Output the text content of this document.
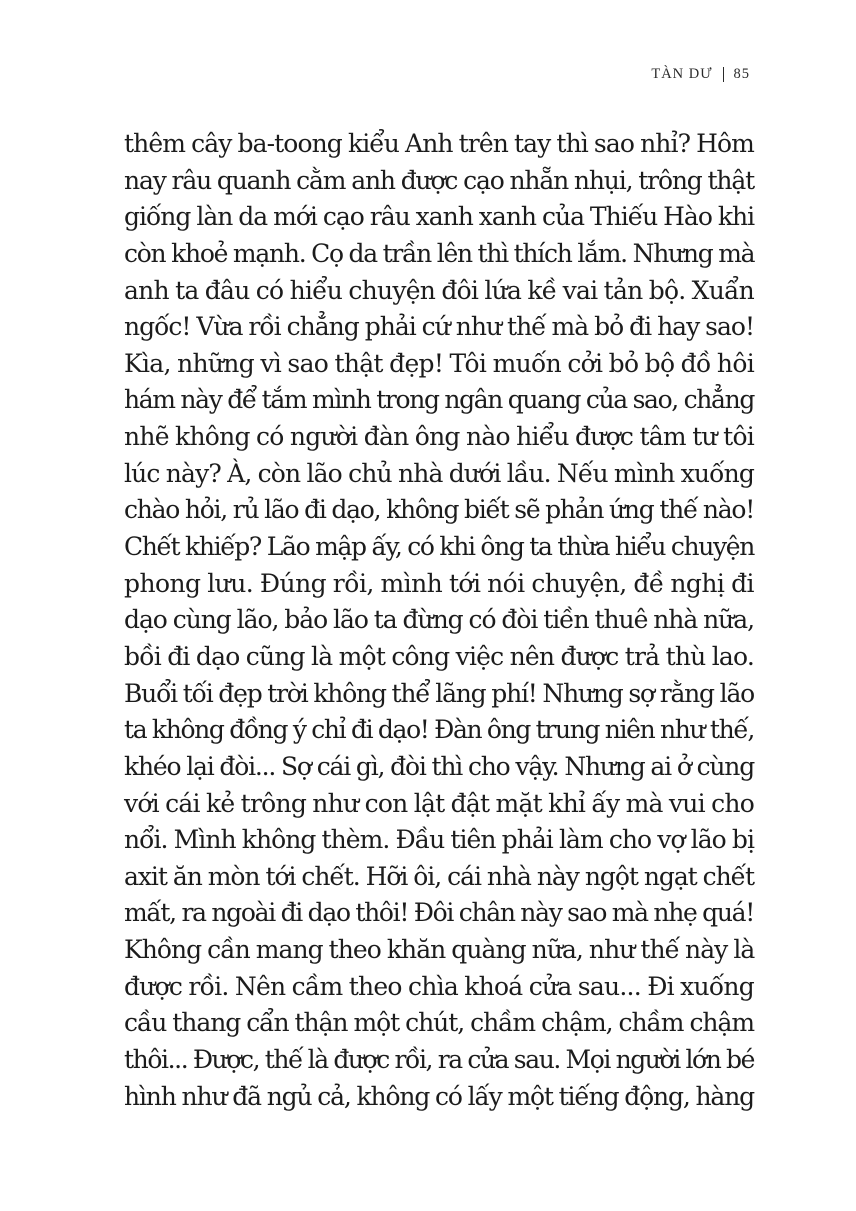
TÀN DƯ 85
thêm cây ba-toong kiểu Anh trên tay thì sao nhỉ? Hôm
nay râu quanh cằm anh được cạo nhẵn nhụi, trông thật
giống làn da mới cạo râu xanh xanh của Thiếu Hào khi
còn khoẻ mạnh. Cọ da trần lên thì thích lắm. Nhưng mà
anh ta đâu có hiểu chuyện đôi lứa kề vai tản bộ. Xuẩn
ngốc! Vừa rồi chẳng phải cứ như thế mà bỏ đi hay sao!
Kìa, những vì sao thật đẹp! Tôi muốn cởi bỏ bộ đồ hôi
hám này để tắm mình trong ngân quang của sao, chẳng
nhẽ không có người đàn ông nào hiểu được tâm tư tôi
lúc này? À, còn lão chủ nhà dưới lầu. Nếu mình xuống
chào hỏi, rủ lão đi dạo, không biết sẽ phản ứng thế nào!
Chết khiếp? Lão mập ấy, có khi ông ta thừa hiểu chuyện
phong lưu. Đúng rồi, mình tới nói chuyện, đề nghị đi
dạo cùng lão, bảo lão ta đừng có đòi tiền thuê nhà nữa,
bồi đi dạo cũng là một công việc nên được trả thù lao.
Buổi tối đẹp trời không thể lãng phí! Nhưng sợ rằng lão
ta không đồng ý chỉ đi dạo! Đàn ông trung niên như thế,
khéo lại đòi... Sợ cái gì, đòi thì cho vậy. Nhưng ai ở cùng
với cái kẻ trông như con lật đật mặt khỉ ấy mà vui cho
nổi. Mình không thèm. Đầu tiên phải làm cho vợ lão bị
axit ăn mòn tới chết. Hỡi ôi, cái nhà này ngột ngạt chết
mất, ra ngoài đi dạo thôi! Đôi chân này sao mà nhẹ quá!
Không cần mang theo khăn quàng nữa, như thế này là
được rồi. Nên cầm theo chìa khoá cửa sau... Đi xuống
cầu thang cẩn thận một chút, chầm chậm, chầm chậm
thôi... Được, thế là được rồi, ra cửa sau. Mọi người lớn bé
hình như đã ngủ cả, không có lấy một tiếng động, hàng
